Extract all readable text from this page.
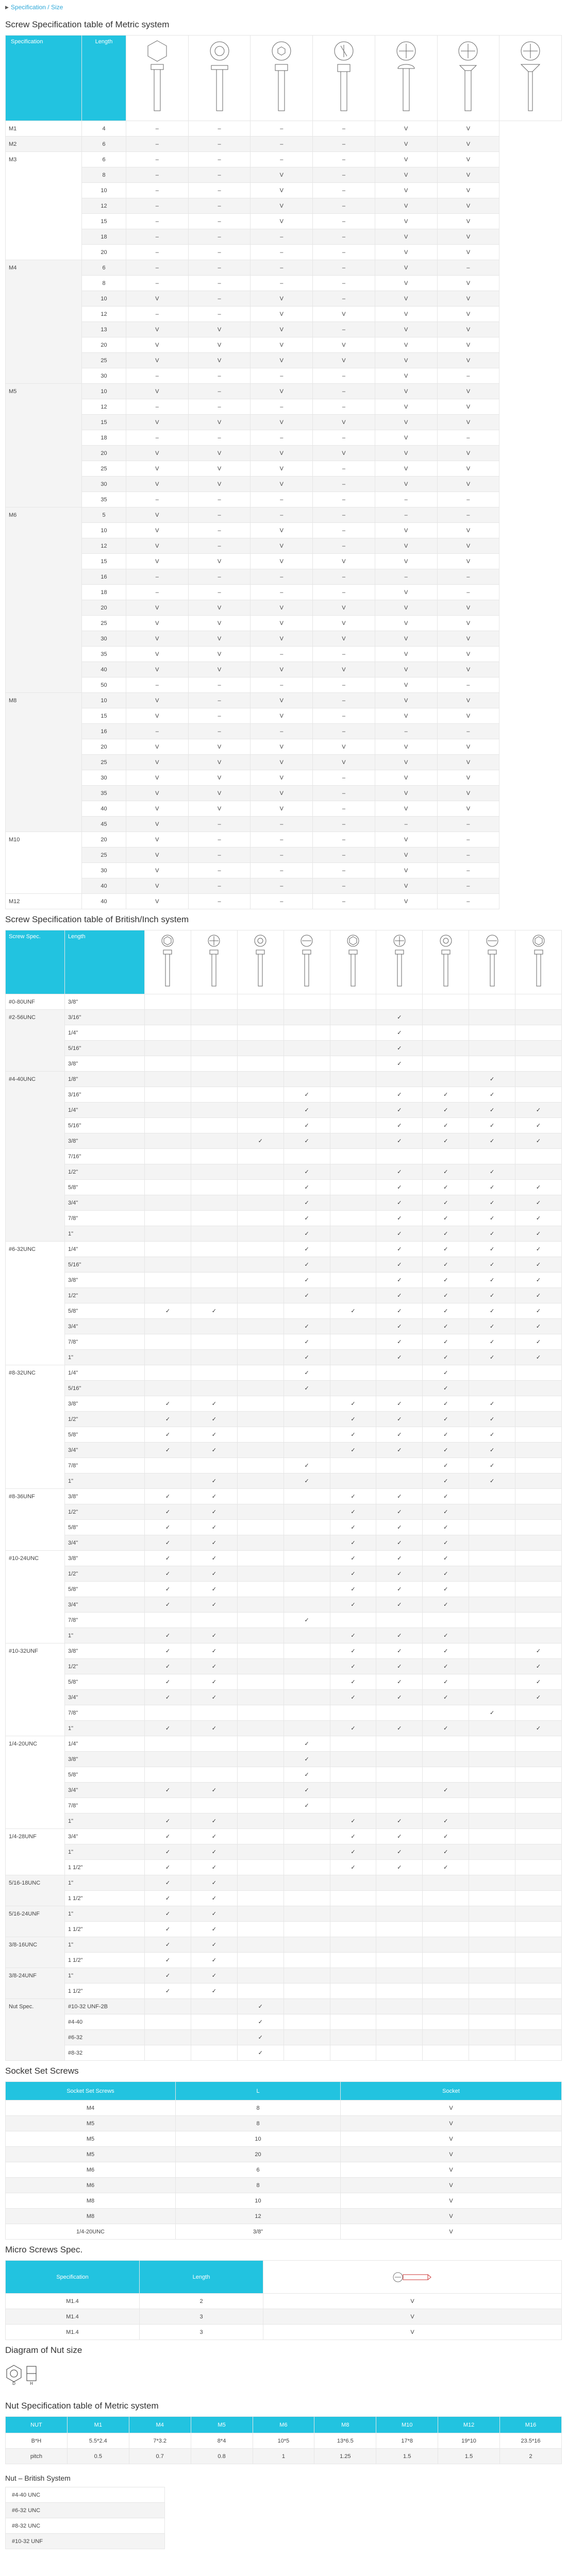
▶ Specification / Size
Screw Specification table of Metric system
Specification	Length	

M1	4	–	–	–	–	V	V	
M2	6	–	–	–	–	V	V	
M3	6	–	–	–	–	V	V	
	8	–	–	V	–	V	V	
	10	–	–	V	–	V	V	
	12	–	–	V	–	V	V	
	15	–	–	V	–	V	V	
	18	–	–	–	–	V	V	
	20	–	–	–	–	V	V	
M4	6	–	–	–	–	V	–	
	8	–	–	–	–	V	V	
	10	V	–	V	–	V	V	
	12	–	–	V	V	V	V	
	13	V	V	V	–	V	V	
	20	V	V	V	V	V	V	
	25	V	V	V	V	V	V	
	30	–	–	–	–	V	–	
M5	10	V	–	V	–	V	V	
	12	–	–	–	–	V	V	
	15	V	V	V	V	V	V	
	18	–	–	–	–	V	–	
	20	V	V	V	V	V	V	
	25	V	V	V	–	V	V	
	30	V	V	V	–	V	V	
	35	–	–	–	–	–	–	
M6	5	V	–	–	–	–	–	
	10	V	–	V	–	V	V	
	12	V	–	V	–	V	V	
	15	V	V	V	V	V	V	
	16	–	–	–	–	–	–	
	18	–	–	–	–	V	–	
	20	V	V	V	V	V	V	
	25	V	V	V	V	V	V	
	30	V	V	V	V	V	V	
	35	V	V	–	–	V	V	
	40	V	V	V	V	V	V	
	50	–	–	–	–	V	–	
M8	10	V	–	V	–	V	V	
	15	V	–	V	–	V	V	
	16	–	–	–	–	–	–	
	20	V	V	V	V	V	V	
	25	V	V	V	V	V	V	
	30	V	V	V	–	V	V	
	35	V	V	V	–	V	V	
	40	V	V	V	–	V	V	
	45	V	–	–	–	–	–	
M10	20	V	–	–	–	V	–	
	25	V	–	–	–	V	–	
	30	V	–	–	–	V	–	
	40	V	–	–	–	V	–	
M12	40	V	–	–	–	V	–	
Screw Specification table of British/Inch system
Screw Spec.	Length	

#0-80UNF	3/8"									
#2-56UNC	3/16"						✓			
	1/4"						✓			
	5/16"						✓			
	3/8"						✓			
#4-40UNC	1/8"								✓	
	3/16"				✓		✓	✓	✓	
	1/4"				✓		✓	✓	✓	✓
	5/16"				✓		✓	✓	✓	✓
	3/8"			✓	✓		✓	✓	✓	✓
	7/16"									
	1/2"				✓		✓	✓	✓	
	5/8"				✓		✓	✓	✓	✓
	3/4"				✓		✓	✓	✓	✓
	7/8"				✓		✓	✓	✓	✓
	1"				✓		✓	✓	✓	✓
#6-32UNC	1/4"				✓		✓	✓	✓	✓
	5/16"				✓		✓	✓	✓	✓
	3/8"				✓		✓	✓	✓	✓
	1/2"				✓		✓	✓	✓	✓
	5/8"	✓	✓			✓	✓	✓	✓	✓
	3/4"				✓		✓	✓	✓	✓
	7/8"				✓		✓	✓	✓	✓
	1"				✓		✓	✓	✓	✓
#8-32UNC	1/4"				✓			✓		
	5/16"				✓			✓		
	3/8"	✓	✓			✓	✓	✓	✓	
	1/2"	✓	✓			✓	✓	✓	✓	
	5/8"	✓	✓			✓	✓	✓	✓	
	3/4"	✓	✓			✓	✓	✓	✓	
	7/8"				✓			✓	✓	
	1"		✓		✓			✓	✓	
#8-36UNF	3/8"	✓	✓			✓	✓	✓		
	1/2"	✓	✓			✓	✓	✓		
	5/8"	✓	✓			✓	✓	✓		
	3/4"	✓	✓			✓	✓	✓		
#10-24UNC	3/8"	✓	✓			✓	✓	✓		
	1/2"	✓	✓			✓	✓	✓		
	5/8"	✓	✓			✓	✓	✓		
	3/4"	✓	✓			✓	✓	✓		
	7/8"				✓					
	1"	✓	✓			✓	✓	✓		
#10-32UNF	3/8"	✓	✓			✓	✓	✓		✓
	1/2"	✓	✓			✓	✓	✓		✓
	5/8"	✓	✓			✓	✓	✓		✓
	3/4"	✓	✓			✓	✓	✓		✓
	7/8"								✓	
	1"	✓	✓			✓	✓	✓		✓
1/4-20UNC	1/4"				✓					
	3/8"				✓					
	5/8"				✓					
	3/4"	✓	✓		✓			✓		
	7/8"				✓					
	1"	✓	✓			✓	✓	✓		
1/4-28UNF	3/4"	✓	✓			✓	✓	✓		
	1"	✓	✓			✓	✓	✓		
	1 1/2"	✓	✓			✓	✓	✓		
5/16-18UNC	1"	✓	✓							
	1 1/2"	✓	✓							
5/16-24UNF	1"	✓	✓							
	1 1/2"	✓	✓							
3/8-16UNC	1"	✓	✓							
	1 1/2"	✓	✓							
3/8-24UNF	1"	✓	✓							
	1 1/2"	✓	✓							
Nut Spec.	#10-32 UNF-2B			✓						
	#4-40			✓						
	#6-32			✓						
	#8-32			✓						
Socket Set Screws
Socket Set Screws	L	Socket
M4	8	V
M5	8	V
M5	10	V
M5	20	V
M6	6	V
M6	8	V
M8	10	V
M8	12	V
1/4-20UNC	3/8"	V
Micro Screws Spec.
Specification	Length	

M1.4	2	V
M1.4	3	V
M1.4	3	V
Diagram of Nut size
D	H
Nut Specification table of Metric system
NUT	M1	M4	M5	M6	M8	M10	M12	M16
B*H	5.5*2.4	7*3.2	8*4	10*5	13*6.5	17*8	19*10	23.5*16
pitch	0.5	0.7	0.8	1	1.25	1.5	1.5	2
Nut – British System
#4-40 UNC
#6-32 UNC
#8-32 UNC
#10-32 UNF
